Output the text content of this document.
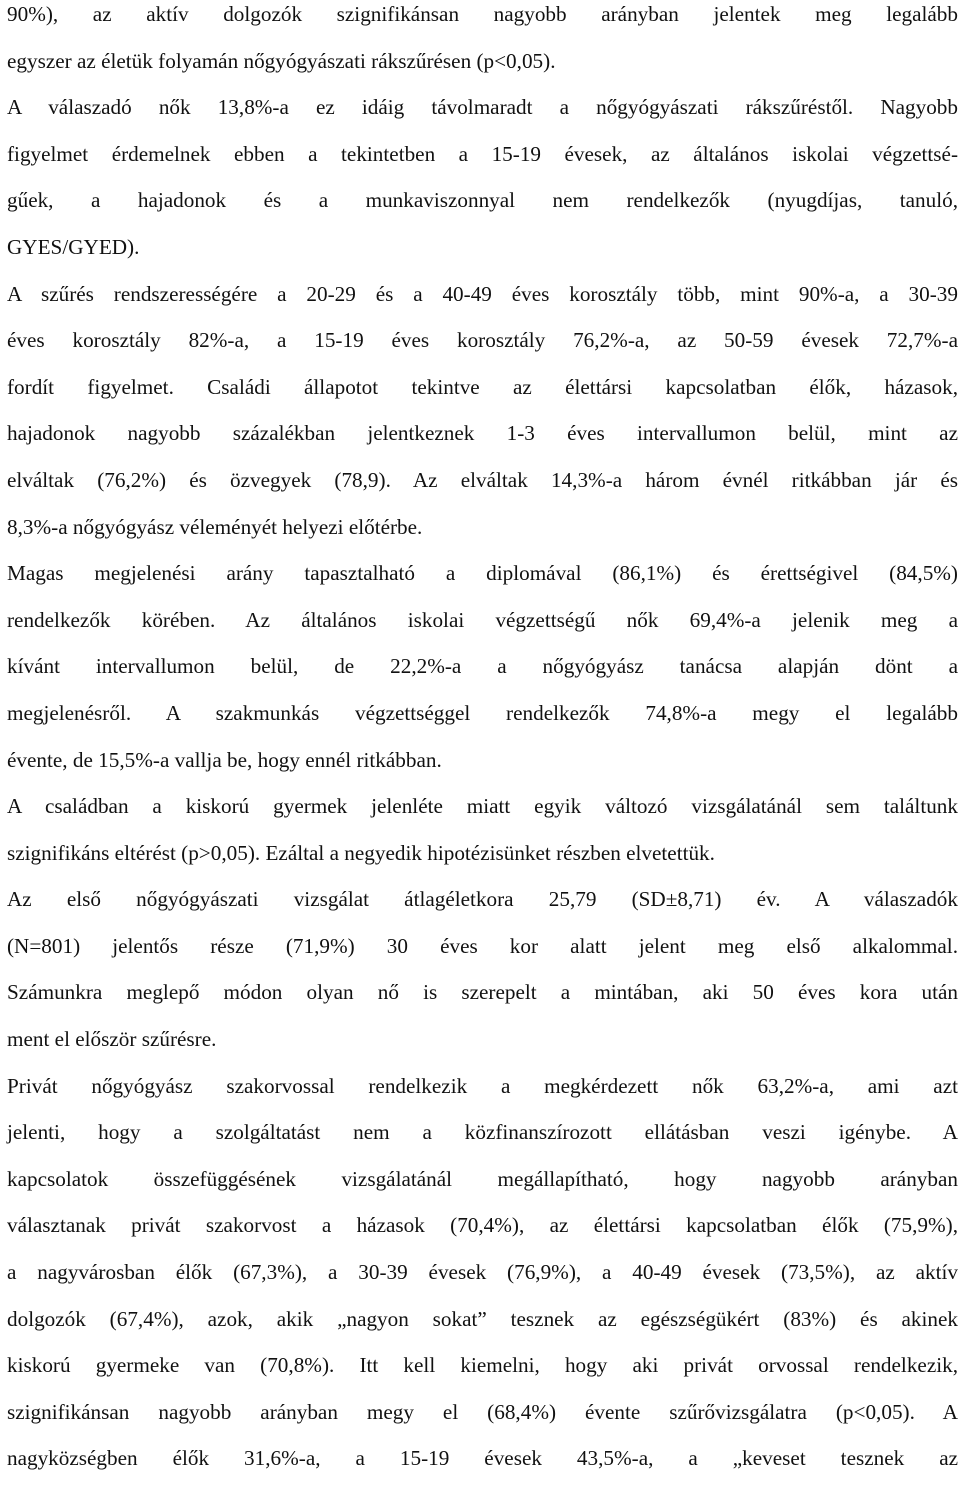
90%), az aktív dolgozók szignifikánsan nagyobb arányban jelentek meg legalább
egyszer az életük folyamán nőgyógyászati rákszűrésen (p<0,05).
A válaszadó nők 13,8%-a ez idáig távolmaradt a nőgyógyászati rákszűréstől. Nagyobb
figyelmet érdemelnek ebben a tekintetben a 15-19 évesek, az általános iskolai végzettsé-
gűek, a hajadonok és a munkaviszonnyal nem rendelkezők (nyugdíjas, tanuló,
GYES/GYED).
A szűrés rendszerességére a 20-29 és a 40-49 éves korosztály több, mint 90%-a, a 30-39
éves korosztály 82%-a, a 15-19 éves korosztály 76,2%-a, az 50-59 évesek 72,7%-a
fordít figyelmet. Családi állapotot tekintve az élettársi kapcsolatban élők, házasok,
hajadonok nagyobb százalékban jelentkeznek 1-3 éves intervallumon belül, mint az
elváltak (76,2%) és özvegyek (78,9). Az elváltak 14,3%-a három évnél ritkábban jár és
8,3%-a nőgyógyász véleményét helyezi előtérbe.
Magas megjelenési arány tapasztalható a diplomával (86,1%) és érettségivel (84,5%)
rendelkezők körében. Az általános iskolai végzettségű nők 69,4%-a jelenik meg a
kívánt intervallumon belül, de 22,2%-a a nőgyógyász tanácsa alapján dönt a
megjelenésről. A szakmunkás végzettséggel rendelkezők 74,8%-a megy el legalább
évente, de 15,5%-a vallja be, hogy ennél ritkábban.
A családban a kiskorú gyermek jelenléte miatt egyik változó vizsgálatánál sem találtunk
szignifikáns eltérést (p>0,05). Ezáltal a negyedik hipotézisünket részben elvetettük.
Az első nőgyógyászati vizsgálat átlagéletkora 25,79 (SD±8,71) év. A válaszadók
(N=801) jelentős része (71,9%) 30 éves kor alatt jelent meg első alkalommal.
Számunkra meglepő módon olyan nő is szerepelt a mintában, aki 50 éves kora után
ment el először szűrésre.
Privát nőgyógyász szakorvossal rendelkezik a megkérdezett nők 63,2%-a, ami azt
jelenti, hogy a szolgáltatást nem a közfinanszírozott ellátásban veszi igénybe. A
kapcsolatok összefüggésének vizsgálatánál megállapítható, hogy nagyobb arányban
választanak privát szakorvost a házasok (70,4%), az élettársi kapcsolatban élők (75,9%),
a nagyvárosban élők (67,3%), a 30-39 évesek (76,9%), a 40-49 évesek (73,5%), az aktív
dolgozók (67,4%), azok, akik „nagyon sokat” tesznek az egészségükért (83%) és akinek
kiskorú gyermeke van (70,8%). Itt kell kiemelni, hogy aki privát orvossal rendelkezik,
szignifikánsan nagyobb arányban megy el (68,4%) évente szűrővizsgálatra (p<0,05). A
nagyközségben élők 31,6%-a, a 15-19 évesek 43,5%-a, a „keveset tesznek az
